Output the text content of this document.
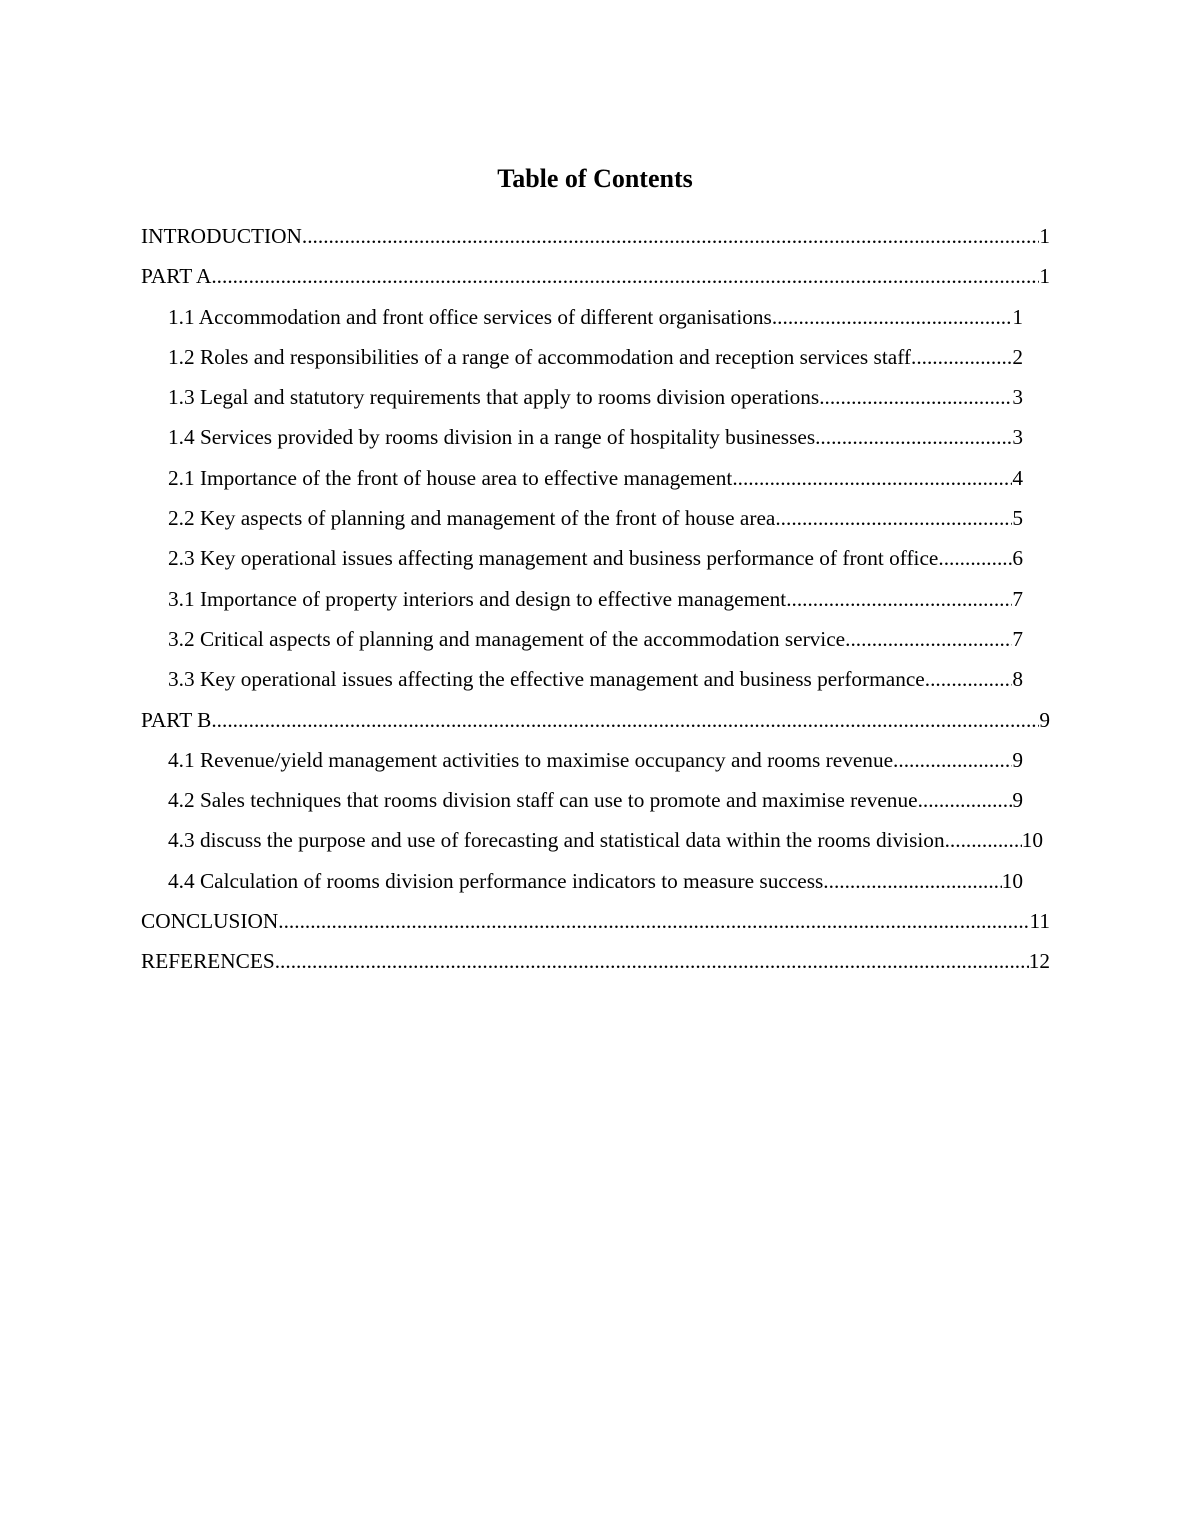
Table of Contents
INTRODUCTION .....	1
PART A .....	1
1.1 Accommodation and front office services of different organisations .....	1
1.2 Roles and responsibilities of a range of accommodation and reception services staff .....	2
1.3 Legal and statutory requirements that apply to rooms division operations .....	3
1.4 Services provided by rooms division in a range of hospitality businesses .....	3
2.1 Importance of the front of house area to effective management .....	4
2.2 Key aspects of planning and management of the front of house area .....	5
2.3 Key operational issues affecting management and business performance of front office .....	6
3.1 Importance of property interiors and design to effective management .....	7
3.2 Critical aspects of planning and management of the accommodation service .....	7
3.3 Key operational issues affecting the effective management and business performance .....	8
PART B .....	9
4.1 Revenue/yield management activities to maximise occupancy and rooms revenue .....	9
4.2 Sales techniques that rooms division staff can use to promote and maximise revenue .....	9
4.3 discuss the purpose and use of forecasting and statistical data within the rooms division .....	10
4.4 Calculation of rooms division performance indicators to measure success .....	10
CONCLUSION .....	11
REFERENCES .....	12
